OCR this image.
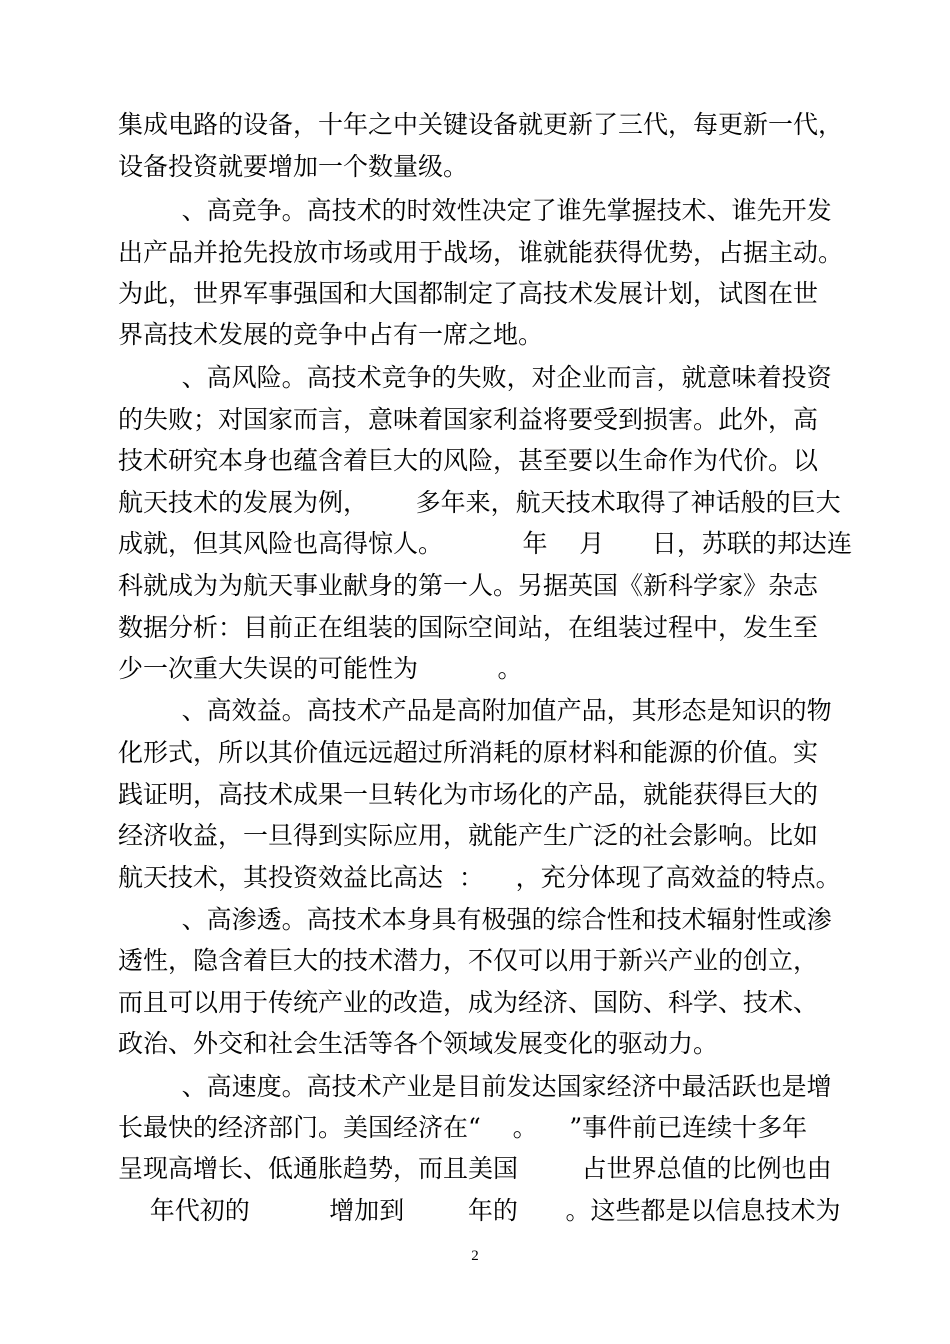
集成电路的设备，十年之中关键设备就更新了三代，每更新一代，
设备投资就要增加一个数量级。
、高竞争。高技术的时效性决定了谁先掌握技术、谁先开发
出产品并抢先投放市场或用于战场，谁就能获得优势，占据主动。
为此，世界军事强国和大国都制定了高技术发展计划，试图在世
界高技术发展的竞争中占有一席之地。
、高风险。高技术竞争的失败，对企业而言，就意味着投资
的失败；对国家而言，意味着国家利益将要受到损害。此外，高
技术研究本身也蕴含着巨大的风险，甚至要以生命作为代价。以
航天技术的发展为例，      多年来，航天技术取得了神话般的巨大
成就，但其风险也高得惊人。          年    月      日，苏联的邦达连
科就成为为航天事业献身的第一人。另据英国《新科学家》杂志
数据分析：目前正在组装的国际空间站，在组装过程中，发生至
少一次重大失误的可能性为          。
、高效益。高技术产品是高附加值产品，其形态是知识的物
化形式，所以其价值远远超过所消耗的原材料和能源的价值。实
践证明，高技术成果一旦转化为市场化的产品，就能获得巨大的
经济收益，一旦得到实际应用，就能产生广泛的社会影响。比如
航天技术，其投资效益比高达  ：    ，充分体现了高效益的特点。
、高渗透。高技术本身具有极强的综合性和技术辐射性或渗
透性，隐含着巨大的技术潜力，不仅可以用于新兴产业的创立，
而且可以用于传统产业的改造，成为经济、国防、科学、技术、
政治、外交和社会生活等各个领域发展变化的驱动力。
、高速度。高技术产业是目前发达国家经济中最活跃也是增
长最快的经济部门。美国经济在“    。    ”事件前已连续十多年
呈现高增长、低通胀趋势，而且美国        占世界总值的比例也由
年代初的          增加到        年的      。这些都是以信息技术为
2
